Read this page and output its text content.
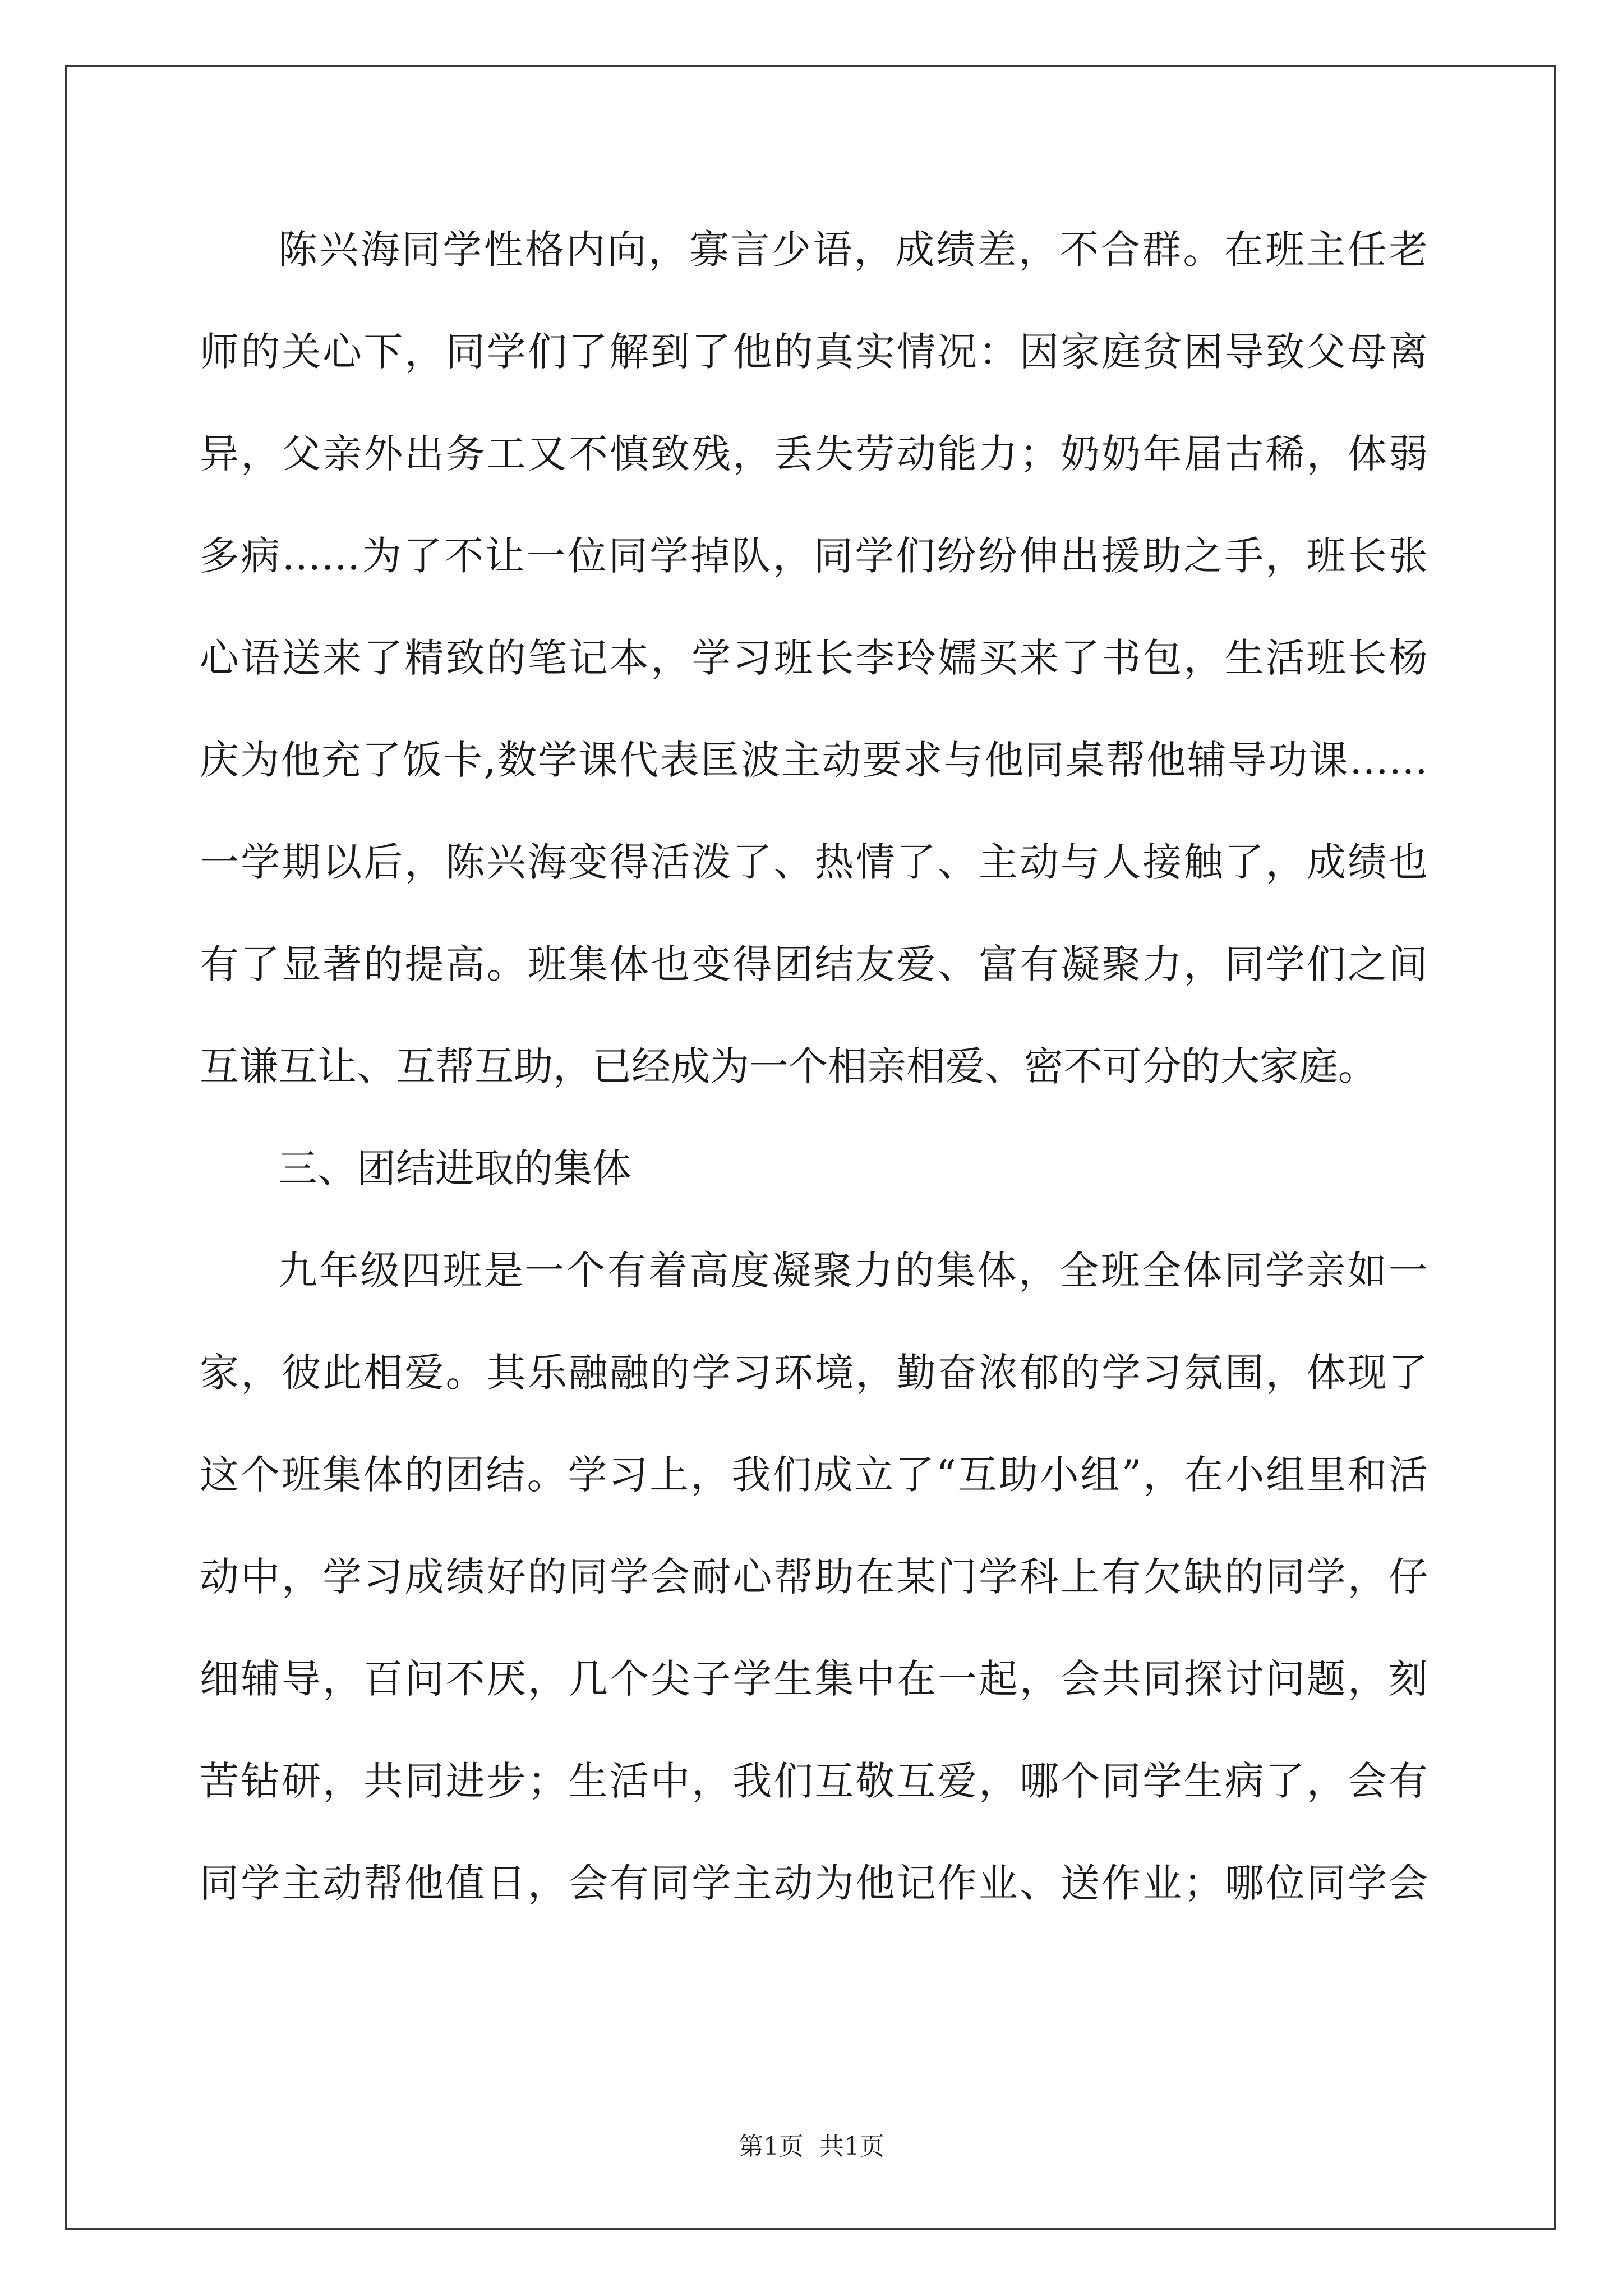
陈兴海同学性格内向，寡言少语，成绩差，不合群。在班主任老
师的关心下，同学们了解到了他的真实情况：因家庭贫困导致父母离
异，父亲外出务工又不慎致残，丢失劳动能力；奶奶年届古稀，体弱
多病……为了不让一位同学掉队，同学们纷纷伸出援助之手，班长张
心语送来了精致的笔记本，学习班长李玲嬬买来了书包，生活班长杨
庆为他充了饭卡,数学课代表匡波主动要求与他同桌帮他辅导功课……
一学期以后，陈兴海变得活泼了、热情了、主动与人接触了，成绩也
有了显著的提高。班集体也变得团结友爱、富有凝聚力，同学们之间
互谦互让、互帮互助，已经成为一个相亲相爱、密不可分的大家庭。
三、团结进取的集体
九年级四班是一个有着高度凝聚力的集体，全班全体同学亲如一
家，彼此相爱。其乐融融的学习环境，勤奋浓郁的学习氛围，体现了
这个班集体的团结。学习上，我们成立了“互助小组”，在小组里和活
动中，学习成绩好的同学会耐心帮助在某门学科上有欠缺的同学，仔
细辅导，百问不厌，几个尖子学生集中在一起，会共同探讨问题，刻
苦钻研，共同进步；生活中，我们互敬互爱，哪个同学生病了，会有
同学主动帮他值日，会有同学主动为他记作业、送作业；哪位同学会
第1页 共1页
